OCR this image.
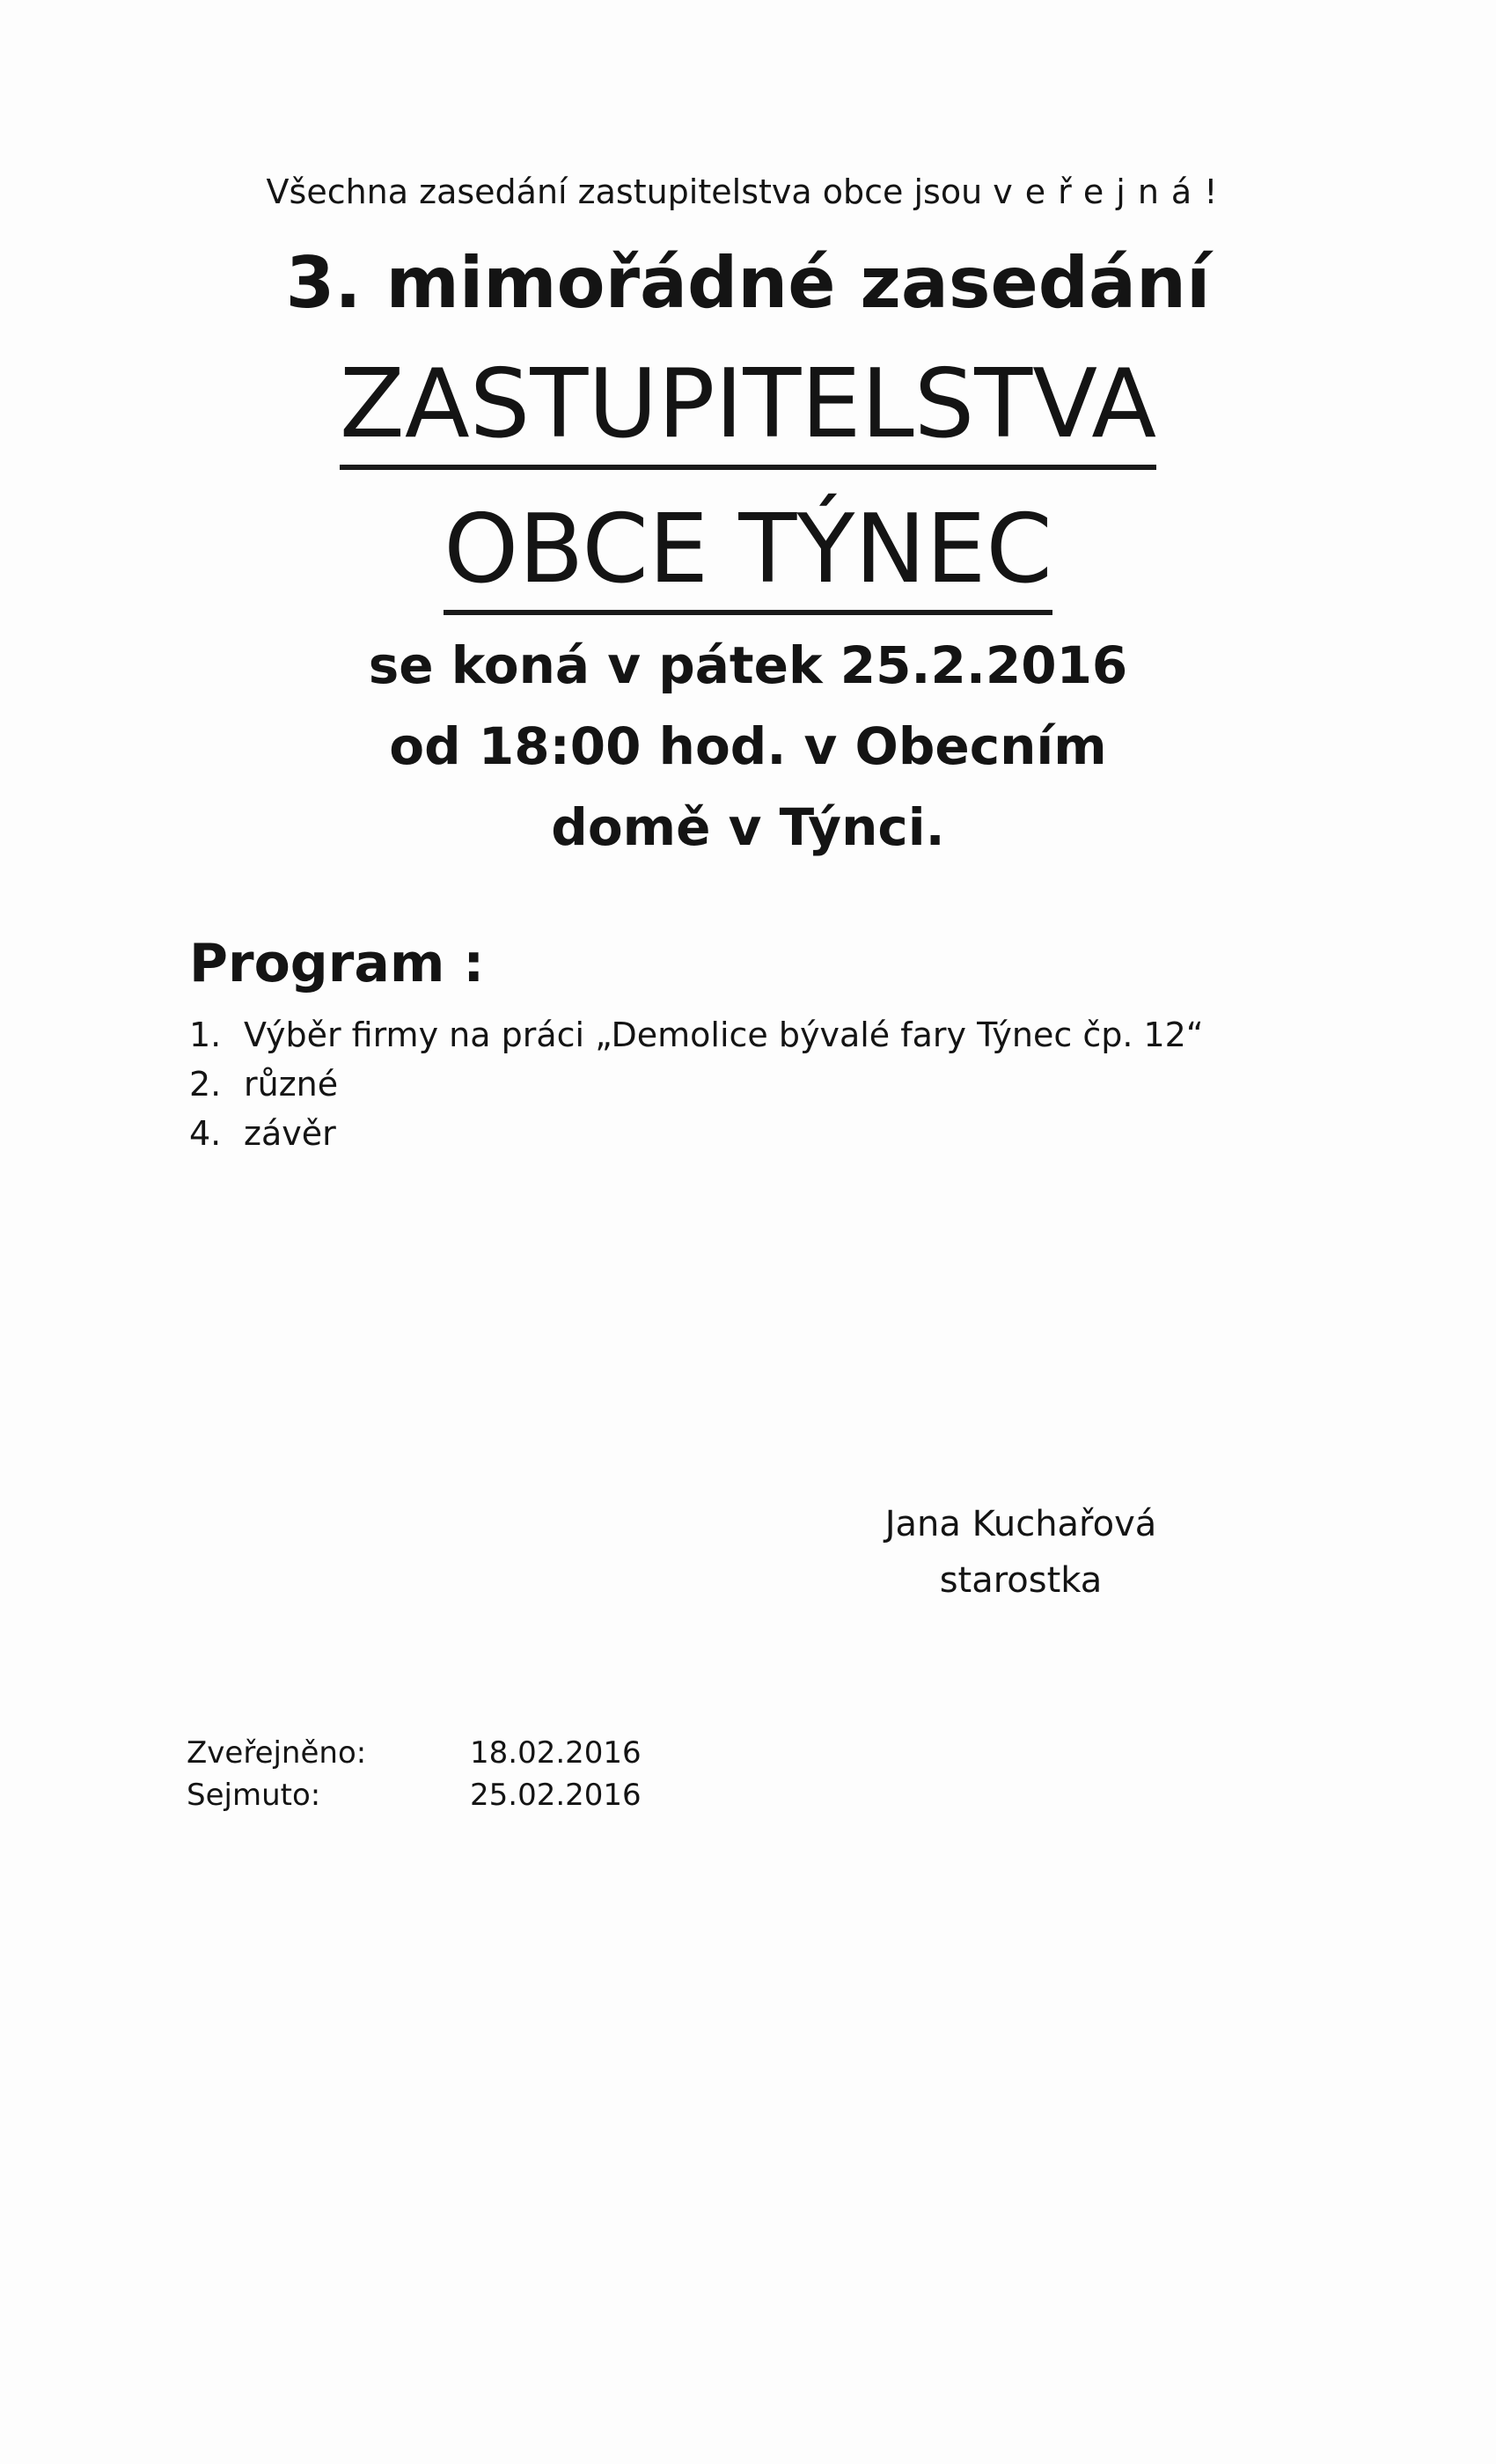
Všechna zasedání zastupitelstva obce jsou veřejná!
3. mimořádné zasedání
ZASTUPITELSTVA
OBCE TÝNEC
se koná v pátek 25.2.2016
od 18:00 hod. v Obecním
domě v Týnci.
Program :
1. Výběr firmy na práci „Demolice bývalé fary Týnec čp. 12“
2. různé
4. závěr
Jana Kuchařová
starostka
Zveřejněno:	18.02.2016
Sejmuto:	25.02.2016
